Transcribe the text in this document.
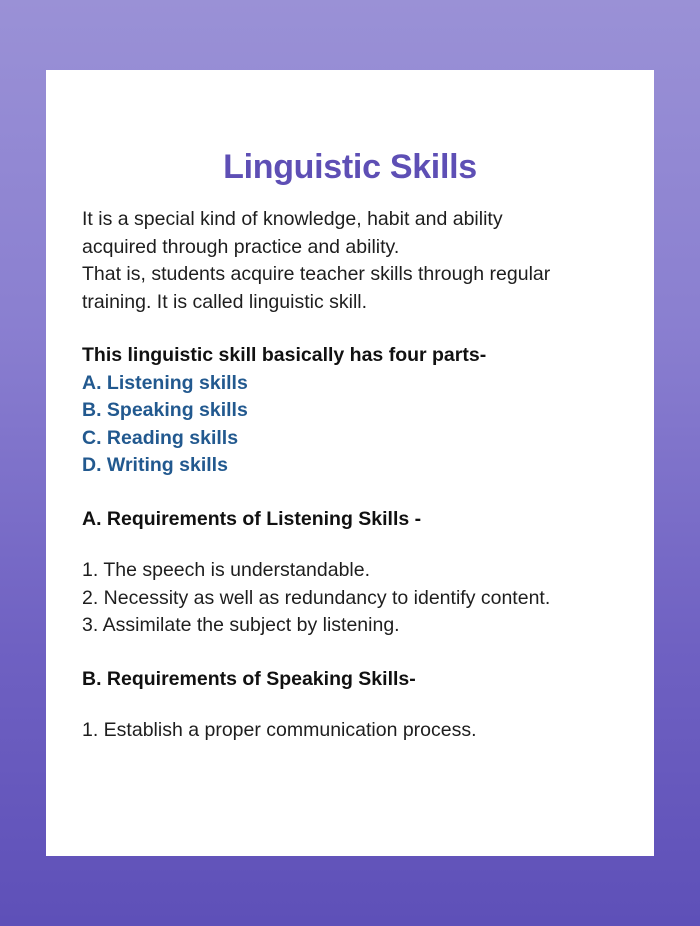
Linguistic Skills
It is a special kind of knowledge, habit and ability
acquired through practice and ability.
That is, students acquire teacher skills through regular
training. It is called linguistic skill.
This linguistic skill basically has four parts-
A. Listening skills
B. Speaking skills
C. Reading skills
D. Writing skills
A. Requirements of Listening Skills -
1. The speech is understandable.
2. Necessity as well as redundancy to identify content.
3. Assimilate the subject by listening.
B. Requirements of Speaking Skills-
1. Establish a proper communication process.
